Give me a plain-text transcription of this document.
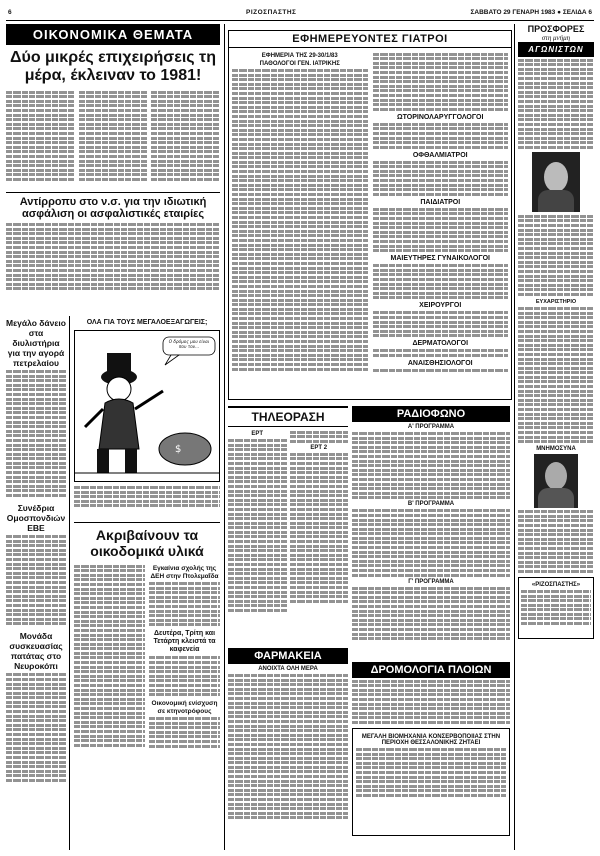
6	ΡΙΖΟΣΠΑΣΤΗΣ	ΣΑΒΒΑΤΟ 29 ΓΕΝΑΡΗ 1983 ● ΣΕΛΙΔΑ 6
ΟΙΚΟΝΟΜΙΚΑ ΘΕΜΑΤΑ
Δύο μικρές επιχειρήσεις τη μέρα, έκλειναν το 1981!
Αντίρροπυ στο ν.σ. για την ιδιωτική ασφάλιση οι ασφαλιστικές εταιρίες
Μεγάλο δάνειο στα διυλιστήρια για την αγορά πετρελαίου
Συνέδρια Ομοσπονδιών ΕΒΕ
Μονάδα συσκευασίας πατάτας στο Νευροκόπι
ΟΛΑ ΓΙΑ ΤΟΥΣ ΜΕΓΑΛΟΕΞΑΓΩΓΕΙΣ;
$
Ο δρόμος μου είναι που τον...
Ακριβαίνουν τα οικοδομικά υλικά
Εγκαίνια σχολής της ΔΕΗ στην Πτολεμαΐδα
Δευτέρα, Τρίτη και Τετάρτη κλειστά τα καφενεία
Οικονομική ενίσχυση σε κτηνοτρόφους
ΕΦΗΜΕΡΕΥΟΝΤΕΣ ΓΙΑΤΡΟΙ
ΕΦΗΜΕΡΙΑ ΤΗΣ 29-30/1/83
ΠΑΘΟΛΟΓΟΙ ΓΕΝ. ΙΑΤΡΙΚΗΣ
ΩΤΟΡΙΝΟΛΑΡΥΓΓΟΛΟΓΟΙ
ΟΦΘΑΛΜΙΑΤΡΟΙ
ΠΑΙΔΙΑΤΡΟΙ
ΜΑΙΕΥΤΗΡΕΣ ΓΥΝΑΙΚΟΛΟΓΟΙ
ΧΕΙΡΟΥΡΓΟΙ
ΔΕΡΜΑΤΟΛΟΓΟΙ
ΑΝΑΙΣΘΗΣΙΟΛΟΓΟΙ
ΤΗΛΕΟΡΑΣΗ
ΕΡΤ
ΕΡΤ 2
ΡΑΔΙΟΦΩΝΟ
Α' ΠΡΟΓΡΑΜΜΑ
Β' ΠΡΟΓΡΑΜΜΑ
Γ' ΠΡΟΓΡΑΜΜΑ
ΦΑΡΜΑΚΕΙΑ
ΑΝΟΙΧΤΑ ΟΛΗ ΜΕΡΑ	ΔΡΟΜΟΛΟΓΙΑ ΠΛΟΙΩΝ
ΜΕΓΑΛΗ ΒΙΟΜΗΧΑΝΙΑ ΚΟΝΣΕΡΒΟΠΟΙΙΑΣ ΣΤΗΝ ΠΕΡΙΟΧΗ ΘΕΣΣΑΛΟΝΙΚΗΣ ΖΗΤΑΕΙ
ΠΡΟΣΦΟΡΕΣ
στη μνήμη
ΑΓΩΝΙΣΤΩΝ
ΕΥΧΑΡΙΣΤΗΡΙΟ
ΜΝΗΜΟΣΥΝΑ
«ΡΙΖΟΣΠΑΣΤΗΣ»
